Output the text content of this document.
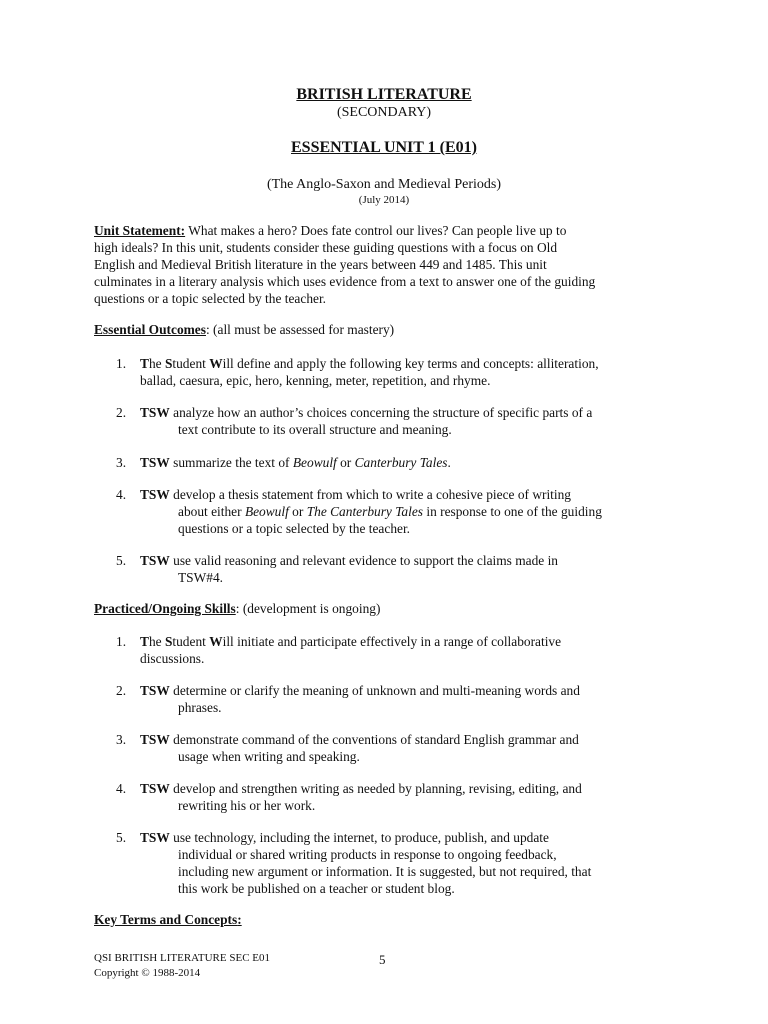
BRITISH LITERATURE
(SECONDARY)
ESSENTIAL UNIT 1 (E01)
(The Anglo-Saxon and Medieval Periods)
(July 2014)
Unit Statement: What makes a hero? Does fate control our lives? Can people live up to
high ideals? In this unit, students consider these guiding questions with a focus on Old
English and Medieval British literature in the years between 449 and 1485. This unit
culminates in a literary analysis which uses evidence from a text to answer one of the guiding
questions or a topic selected by the teacher.
Essential Outcomes: (all must be assessed for mastery)
1. The Student Will define and apply the following key terms and concepts: alliteration,
ballad, caesura, epic, hero, kenning, meter, repetition, and rhyme.
2. TSW analyze how an author’s choices concerning the structure of specific parts of a
text contribute to its overall structure and meaning.
3. TSW summarize the text of Beowulf or Canterbury Tales.
4. TSW develop a thesis statement from which to write a cohesive piece of writing
about either Beowulf or The Canterbury Tales in response to one of the guiding
questions or a topic selected by the teacher.
5. TSW use valid reasoning and relevant evidence to support the claims made in
TSW#4.
Practiced/Ongoing Skills: (development is ongoing)
1. The Student Will initiate and participate effectively in a range of collaborative
discussions.
2. TSW determine or clarify the meaning of unknown and multi-meaning words and
phrases.
3. TSW demonstrate command of the conventions of standard English grammar and
usage when writing and speaking.
4. TSW develop and strengthen writing as needed by planning, revising, editing, and
rewriting his or her work.
5. TSW use technology, including the internet, to produce, publish, and update
individual or shared writing products in response to ongoing feedback,
including new argument or information. It is suggested, but not required, that
this work be published on a teacher or student blog.
Key Terms and Concepts:
QSI BRITISH LITERATURE SEC E01
Copyright © 1988-2014
5
